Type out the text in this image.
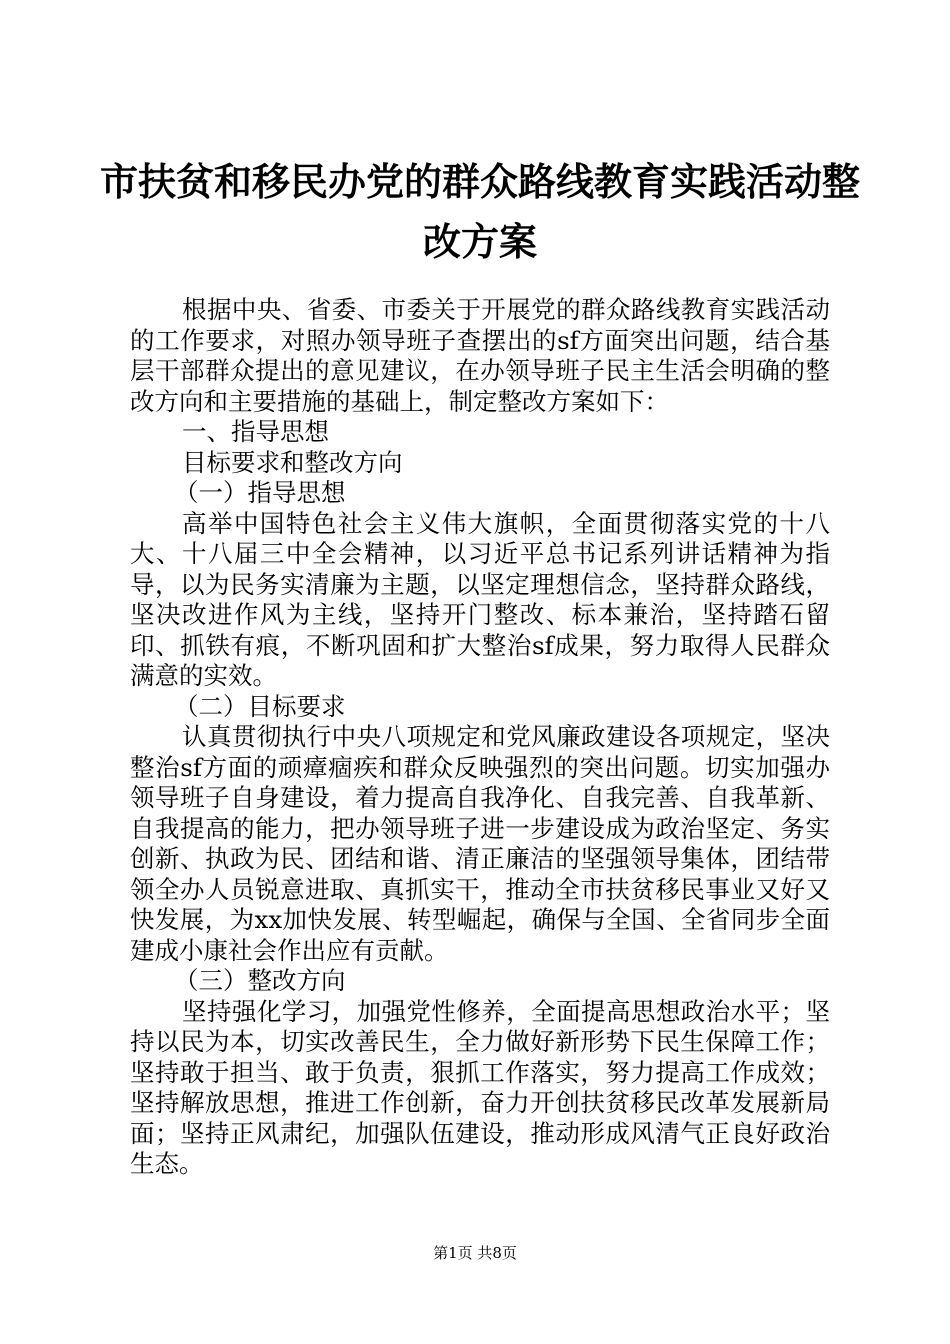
市扶贫和移民办党的群众路线教育实践活动整
改方案

根据中央、省委、市委关于开展党的群众路线教育实践活动的工作要求，对照办领导班子查摆出的sf方面突出问题，结合基层干部群众提出的意见建议，在办领导班子民主生活会明确的整改方向和主要措施的基础上，制定整改方案如下：

一、指导思想

目标要求和整改方向

（一）指导思想

高举中国特色社会主义伟大旗帜，全面贯彻落实党的十八大、十八届三中全会精神，以习近平总书记系列讲话精神为指导，以为民务实清廉为主题，以坚定理想信念，坚持群众路线，坚决改进作风为主线，坚持开门整改、标本兼治，坚持踏石留印、抓铁有痕，不断巩固和扩大整治sf成果，努力取得人民群众满意的实效。

（二）目标要求

认真贯彻执行中央八项规定和党风廉政建设各项规定，坚决整治sf方面的顽瘴痼疾和群众反映强烈的突出问题。切实加强办领导班子自身建设，着力提高自我净化、自我完善、自我革新、自我提高的能力，把办领导班子进一步建设成为政治坚定、务实创新、执政为民、团结和谐、清正廉洁的坚强领导集体，团结带领全办人员锐意进取、真抓实干，推动全市扶贫移民事业又好又快发展，为xx加快发展、转型崛起，确保与全国、全省同步全面建成小康社会作出应有贡献。

（三）整改方向

坚持强化学习，加强党性修养，全面提高思想政治水平；坚持以民为本，切实改善民生，全力做好新形势下民生保障工作；坚持敢于担当、敢于负责，狠抓工作落实，努力提高工作成效；坚持解放思想，推进工作创新，奋力开创扶贫移民改革发展新局面；坚持正风肃纪，加强队伍建设，推动形成风清气正良好政治生态。

第1页 共8页
